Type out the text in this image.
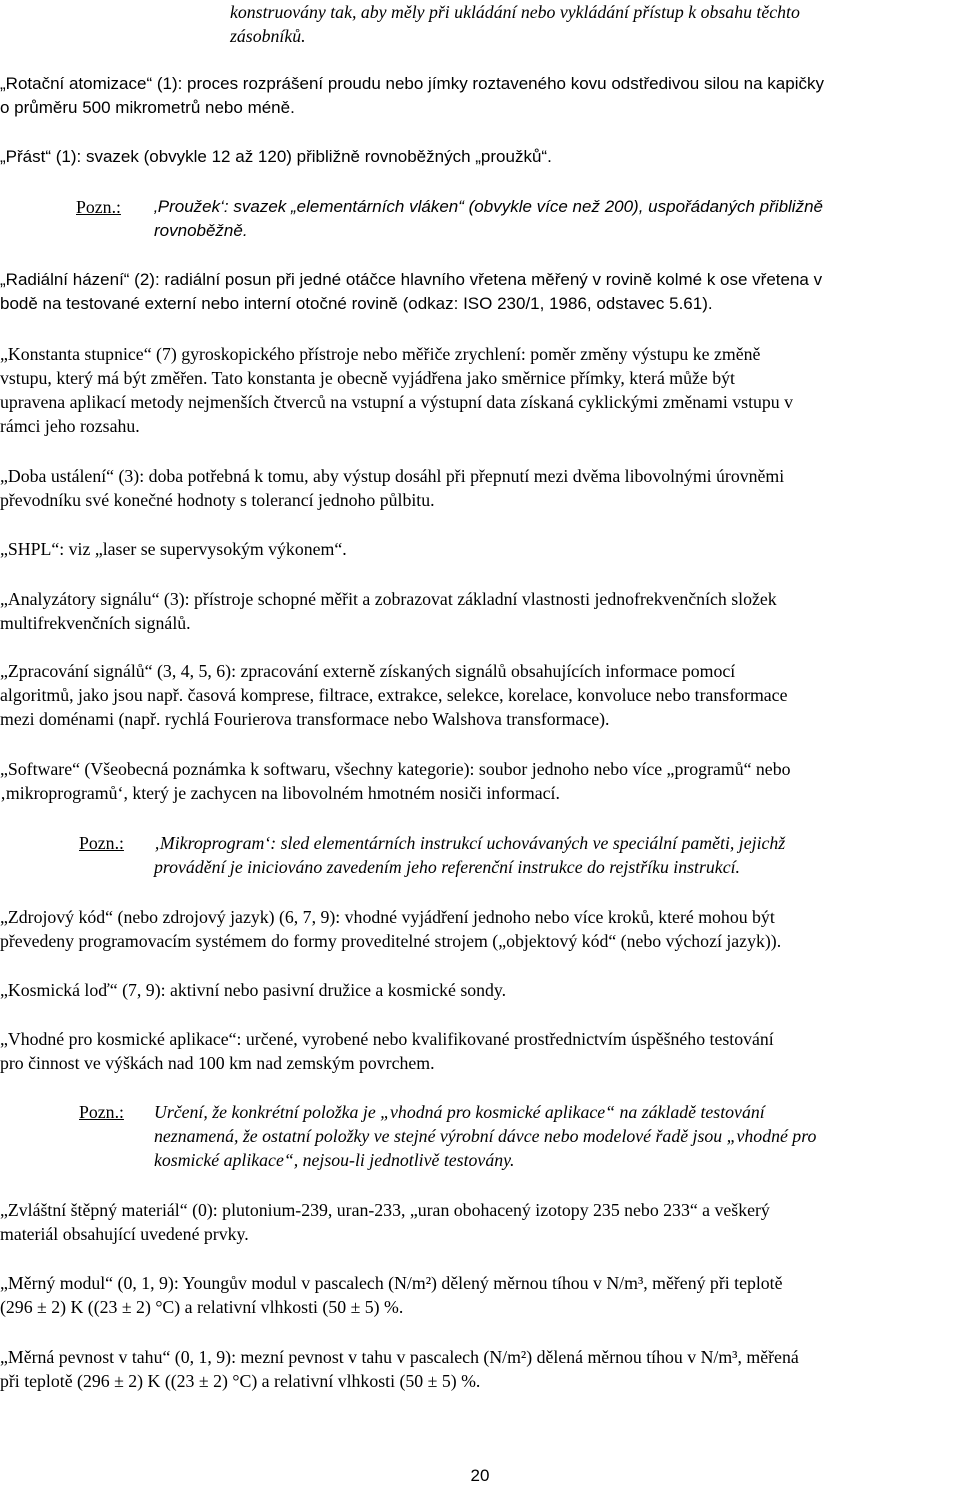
konstruovány tak, aby měly při ukládání nebo vykládání přístup k obsahu těchto
zásobníků.
„Rotační atomizace“ (1): proces rozprášení proudu nebo jímky roztaveného kovu odstředivou silou na kapičky
o průměru 500 mikrometrů nebo méně.
„Přást“ (1): svazek (obvykle 12 až 120) přibližně rovnoběžných „proužků“.
Pozn.: ‚Proužek‘: svazek „elementárních vláken“ (obvykle více než 200), uspořádaných přibližně
rovnoběžně.
„Radiální házení“ (2): radiální posun při jedné otáčce hlavního vřetena měřený v rovině kolmé k ose vřetena v
bodě na testované externí nebo interní otočné rovině (odkaz: ISO 230/1, 1986, odstavec 5.61).
„Konstanta stupnice“ (7) gyroskopického přístroje nebo měřiče zrychlení: poměr změny výstupu ke změně
vstupu, který má být změřen. Tato konstanta je obecně vyjádřena jako směrnice přímky, která může být
upravena aplikací metody nejmenších čtverců na vstupní a výstupní data získaná cyklickými změnami vstupu v
rámci jeho rozsahu.
„Doba ustálení“ (3): doba potřebná k tomu, aby výstup dosáhl při přepnutí mezi dvěma libovolnými úrovněmi
převodníku své konečné hodnoty s tolerancí jednoho půlbitu.
„SHPL“: viz „laser se supervysokým výkonem“.
„Analyzátory signálu“ (3): přístroje schopné měřit a zobrazovat základní vlastnosti jednofrekvenčních složek
multifrekvenčních signálů.
„Zpracování signálů“ (3, 4, 5, 6): zpracování externě získaných signálů obsahujících informace pomocí
algoritmů, jako jsou např. časová komprese, filtrace, extrakce, selekce, korelace, konvoluce nebo transformace
mezi doménami (např. rychlá Fourierova transformace nebo Walshova transformace).
„Software“ (Všeobecná poznámka k softwaru, všechny kategorie): soubor jednoho nebo více „programů“ nebo
‚mikroprogramů‘, který je zachycen na libovolném hmotném nosiči informací.
Pozn.: ‚Mikroprogram‘: sled elementárních instrukcí uchovávaných ve speciální paměti, jejichž
provádění je iniciováno zavedením jeho referenční instrukce do rejstříku instrukcí.
„Zdrojový kód“ (nebo zdrojový jazyk) (6, 7, 9): vhodné vyjádření jednoho nebo více kroků, které mohou být
převedeny programovacím systémem do formy proveditelné strojem („objektový kód“ (nebo výchozí jazyk)).
„Kosmická loď“ (7, 9): aktivní nebo pasivní družice a kosmické sondy.
„Vhodné pro kosmické aplikace“: určené, vyrobené nebo kvalifikované prostřednictvím úspěšného testování
pro činnost ve výškách nad 100 km nad zemským povrchem.
Pozn.: Určení, že konkrétní položka je „vhodná pro kosmické aplikace“ na základě testování
neznamená, že ostatní položky ve stejné výrobní dávce nebo modelové řadě jsou „vhodné pro
kosmické aplikace“, nejsou-li jednotlivě testovány.
„Zvláštní štěpný materiál“ (0): plutonium-239, uran-233, „uran obohacený izotopy 235 nebo 233“ a veškerý
materiál obsahující uvedené prvky.
„Měrný modul“ (0, 1, 9): Youngův modul v pascalech (N/m²) dělený měrnou tíhou v N/m³, měřený při teplotě
(296 ± 2) K ((23 ± 2) °C) a relativní vlhkosti (50 ± 5) %.
„Měrná pevnost v tahu“ (0, 1, 9): mezní pevnost v tahu v pascalech (N/m²) dělená měrnou tíhou v N/m³, měřená
při teplotě (296 ± 2) K ((23 ± 2) °C) a relativní vlhkosti (50 ± 5) %.
20
